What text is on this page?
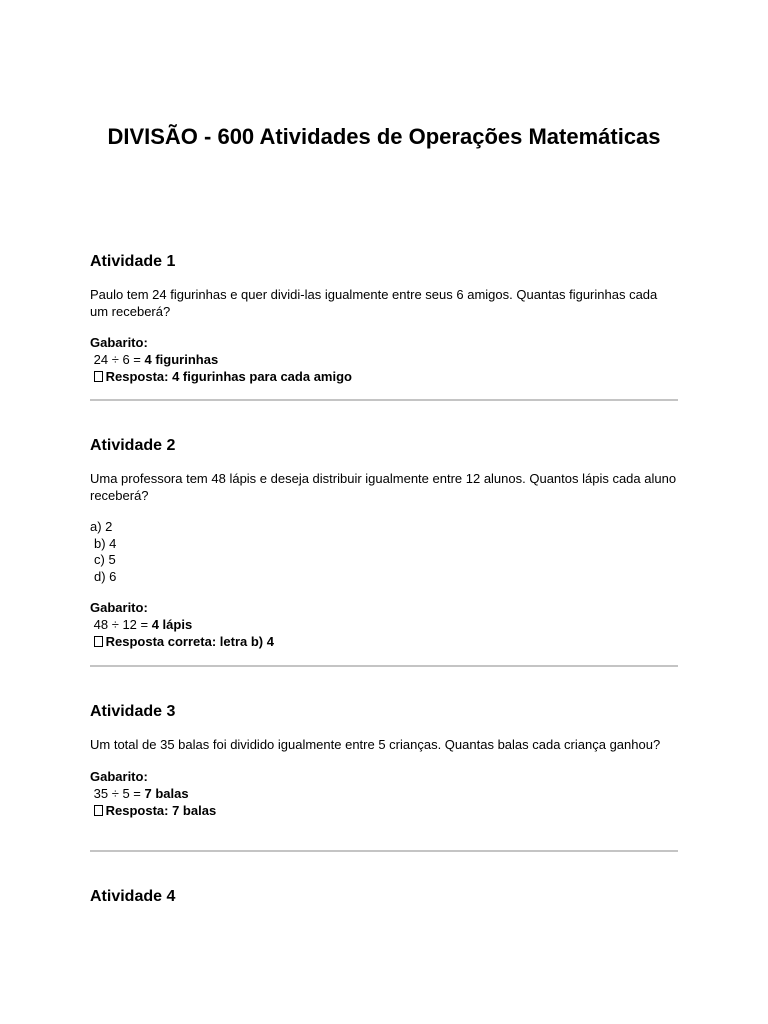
DIVISÃO - 600 Atividades de Operações Matemáticas
Atividade 1

Paulo tem 24 figurinhas e quer dividi-las igualmente entre seus 6 amigos. Quantas figurinhas cada um receberá?

Gabarito:
24 ÷ 6 = 4 figurinhas
Resposta: 4 figurinhas para cada amigo
Atividade 2

Uma professora tem 48 lápis e deseja distribuir igualmente entre 12 alunos. Quantos lápis cada aluno receberá?

a) 2
b) 4
c) 5
d) 6
Gabarito:
48 ÷ 12 = 4 lápis
Resposta correta: letra b) 4
Atividade 3

Um total de 35 balas foi dividido igualmente entre 5 crianças. Quantas balas cada criança ganhou?

Gabarito:
35 ÷ 5 = 7 balas
Resposta: 7 balas
Atividade 4
